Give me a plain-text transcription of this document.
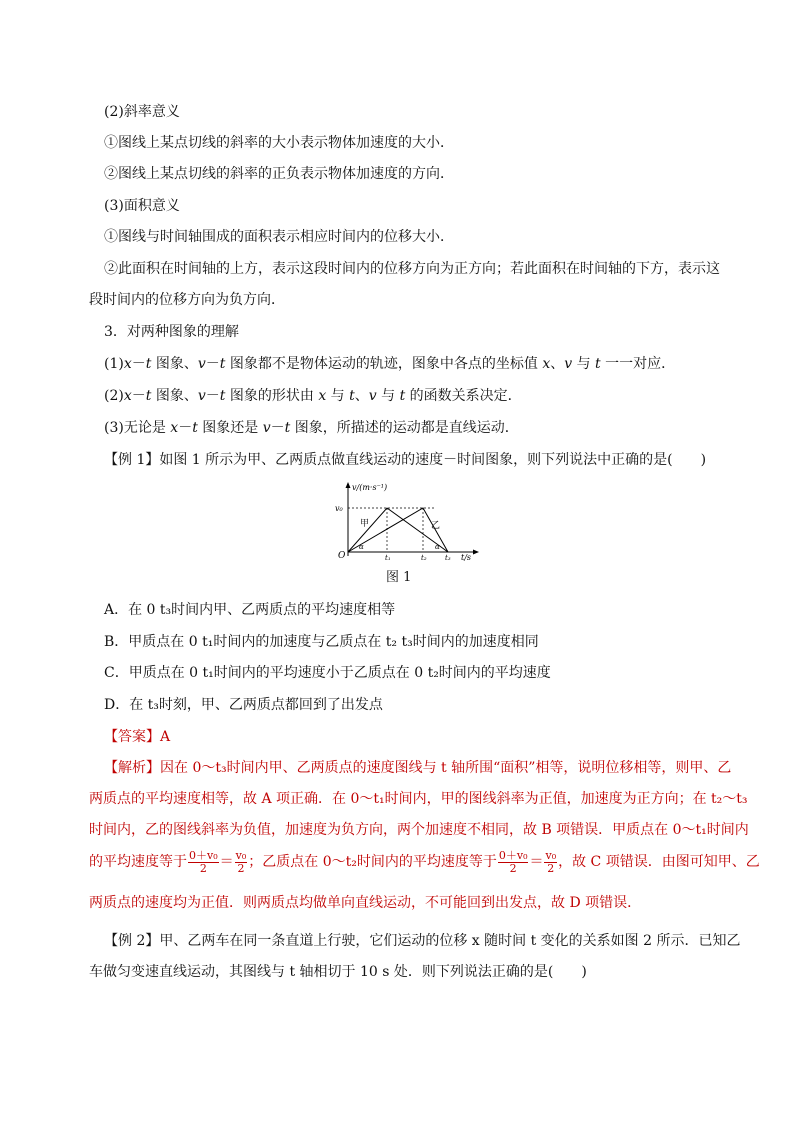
(2)斜率意义
①图线上某点切线的斜率的大小表示物体加速度的大小．
②图线上某点切线的斜率的正负表示物体加速度的方向．
(3)面积意义
①图线与时间轴围成的面积表示相应时间内的位移大小．
②此面积在时间轴的上方，表示这段时间内的位移方向为正方向；若此面积在时间轴的下方，表示这
段时间内的位移方向为负方向．
3．对两种图象的理解
(1)x－t 图象、v－t 图象都不是物体运动的轨迹，图象中各点的坐标值 x、v 与 t 一一对应．
(2)x－t 图象、v－t 图象的形状由 x 与 t、v 与 t 的函数关系决定．
(3)无论是 x－t 图象还是 v－t 图象，所描述的运动都是直线运动．
【例 1】如图 1 所示为甲、乙两质点做直线运动的速度－时间图象，则下列说法中正确的是(　　)
v/(m·s⁻¹)
v₀
甲	乙
O
α	α
t₁	t₂	t₃ t/s
图 1
A．在 0 t₃时间内甲、乙两质点的平均速度相等
B．甲质点在 0 t₁时间内的加速度与乙质点在 t₂ t₃时间内的加速度相同
C．甲质点在 0 t₁时间内的平均速度小于乙质点在 0 t₂时间内的平均速度
D．在 t₃时刻，甲、乙两质点都回到了出发点
【答案】A
【解析】因在 0～t₃时间内甲、乙两质点的速度图线与 t 轴所围“面积”相等，说明位移相等，则甲、乙
两质点的平均速度相等，故 A 项正确．在 0～t₁时间内，甲的图线斜率为正值，加速度为正方向；在 t₂～t₃
时间内，乙的图线斜率为负值，加速度为负方向，两个加速度不相同，故 B 项错误．甲质点在 0～t₁时间内
的平均速度等于 $\frac{\text{0＋v₀}}{2} = \frac{\text{v₀}}{2}$ ；乙质点在 0～t₂时间内的平均速度等于 $\frac{\text{0＋v₀}}{2} = \frac{\text{v₀}}{2}$ ，故 C 项错误．由图可知甲、乙
两质点的速度均为正值．则两质点均做单向直线运动，不可能回到出发点，故 D 项错误．
【例 2】甲、乙两车在同一条直道上行驶，它们运动的位移 x 随时间 t 变化的关系如图 2 所示．已知乙
车做匀变速直线运动，其图线与 t 轴相切于 10 s 处．则下列说法正确的是(　　)
